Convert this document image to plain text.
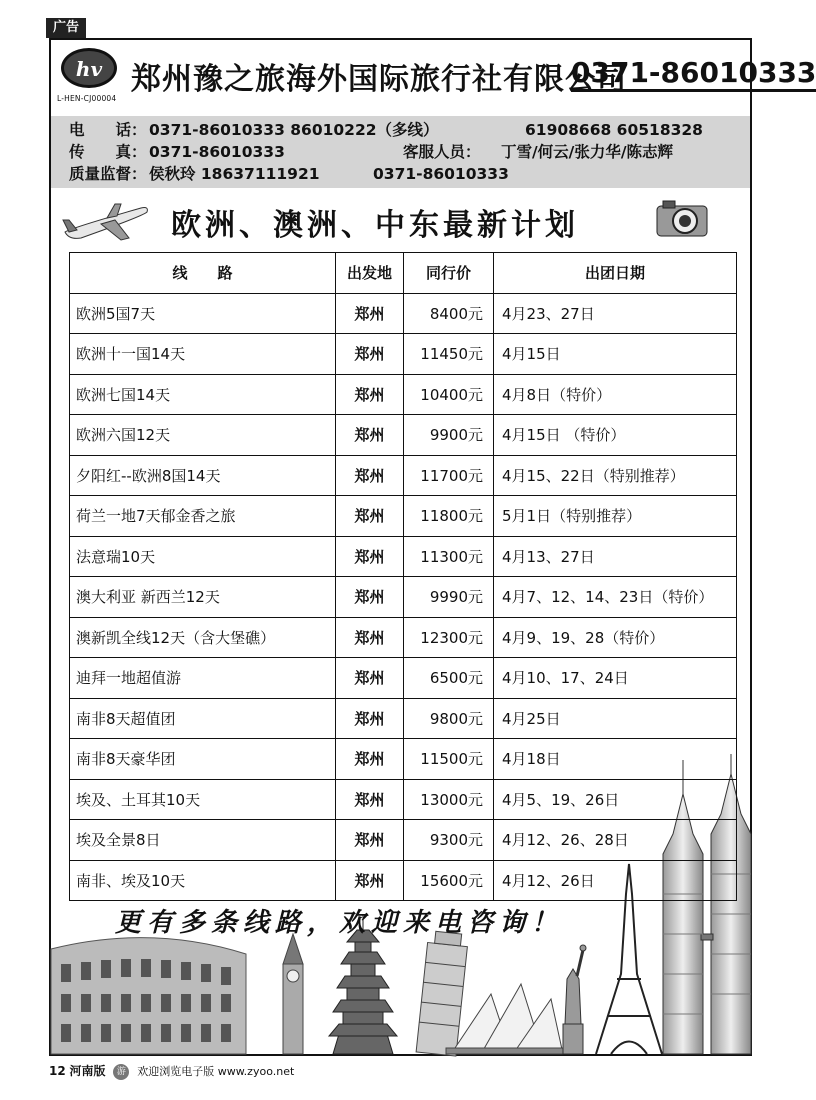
广告
hv
L-HEN-CJ00004
郑州豫之旅海外国际旅行社有限公司
0371-86010333
电　　话： 0371-86010333 86010222（多线）	61908668 60518328
传　　真： 0371-86010333	客服人员： 丁雪/何云/张力华/陈志辉
质量监督： 侯秋玲 18637111921	0371-86010333
欧洲、澳洲、中东最新计划
线　　路	出发地	同行价	出团日期
欧洲5国7天	郑州	8400元	4月23、27日
欧洲十一国14天	郑州	11450元	4月15日
欧洲七国14天	郑州	10400元	4月8日（特价）
欧洲六国12天	郑州	9900元	4月15日 （特价）
夕阳红--欧洲8国14天	郑州	11700元	4月15、22日（特别推荐）
荷兰一地7天郁金香之旅	郑州	11800元	5月1日（特别推荐）
法意瑞10天	郑州	11300元	4月13、27日
澳大利亚 新西兰12天	郑州	9990元	4月7、12、14、23日（特价）
澳新凯全线12天（含大堡礁）	郑州	12300元	4月9、19、28（特价）
迪拜一地超值游	郑州	6500元	4月10、17、24日
南非8天超值团	郑州	9800元	4月25日
南非8天豪华团	郑州	11500元	4月18日
埃及、土耳其10天	郑州	13000元	4月5、19、26日
埃及全景8日	郑州	9300元	4月12、26、28日
南非、埃及10天	郑州	15600元	4月12、26日
更有多条线路，欢迎来电咨询！
12 河南版 游 欢迎浏览电子版 www.zyoo.net
